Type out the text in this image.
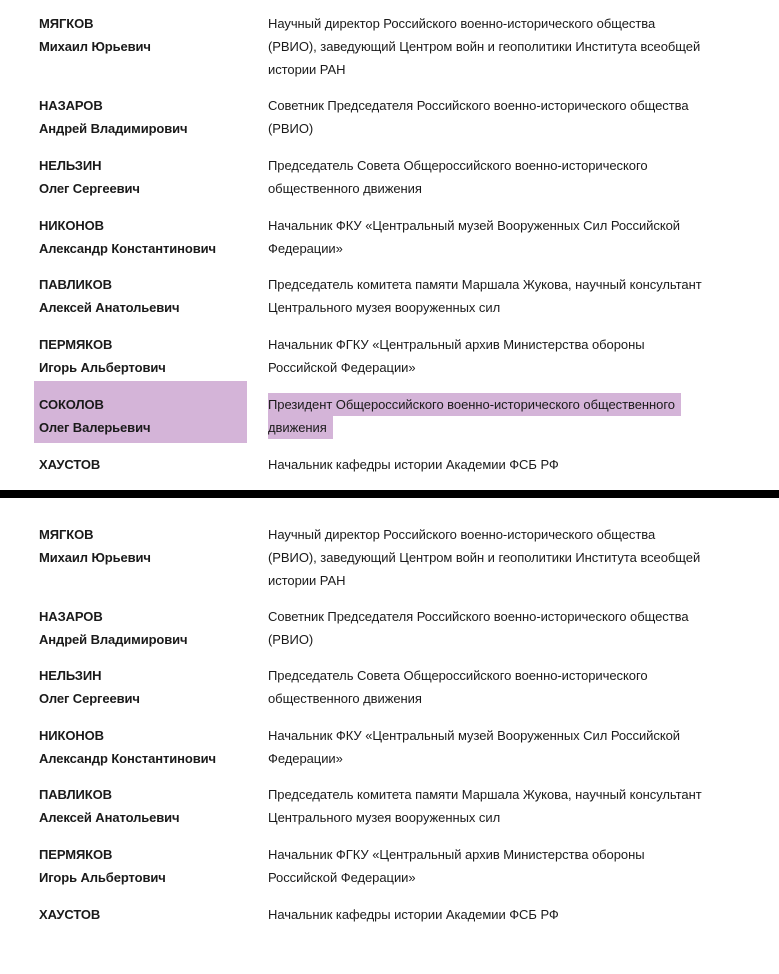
МЯГКОВ
Михаил Юрьевич
Научный директор Российского военно-исторического общества
(РВИО), заведующий Центром войн и геополитики Института всеобщей
истории РАН
НАЗАРОВ
Андрей Владимирович
Советник Председателя Российского военно-исторического общества
(РВИО)
НЕЛЬЗИН
Олег Сергеевич
Председатель Совета Общероссийского военно-исторического
общественного движения
НИКОНОВ
Александр Константинович
Начальник ФКУ «Центральный музей Вооруженных Сил Российской
Федерации»
ПАВЛИКОВ
Алексей Анатольевич
Председатель комитета памяти Маршала Жукова, научный консультант
Центрального музея вооруженных сил
ПЕРМЯКОВ
Игорь Альбертович
Начальник ФГКУ «Центральный архив Министерства обороны
Российской Федерации»
СОКОЛОВ
Олег Валерьевич
Президент Общероссийского военно-исторического общественного
движения

ХАУСТОВ	Начальник кафедры истории Академии ФСБ РФ
МЯГКОВ
Михаил Юрьевич
Научный директор Российского военно-исторического общества
(РВИО), заведующий Центром войн и геополитики Института всеобщей
истории РАН
НАЗАРОВ
Андрей Владимирович
Советник Председателя Российского военно-исторического общества
(РВИО)
НЕЛЬЗИН
Олег Сергеевич
Председатель Совета Общероссийского военно-исторического
общественного движения
НИКОНОВ
Александр Константинович
Начальник ФКУ «Центральный музей Вооруженных Сил Российской
Федерации»
ПАВЛИКОВ
Алексей Анатольевич
Председатель комитета памяти Маршала Жукова, научный консультант
Центрального музея вооруженных сил
ПЕРМЯКОВ
Игорь Альбертович
Начальник ФГКУ «Центральный архив Министерства обороны
Российской Федерации»
ХАУСТОВ	Начальник кафедры истории Академии ФСБ РФ
